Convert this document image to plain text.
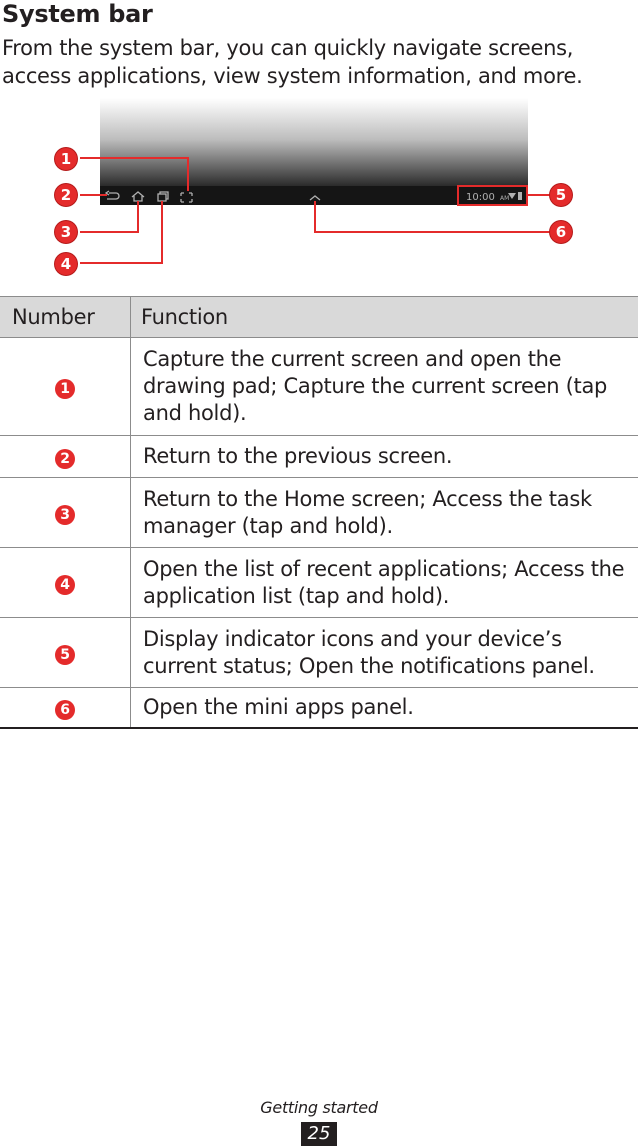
System bar
From the system bar, you can quickly navigate screens, access applications, view system information, and more.
10:00 AM
1
2
3
4
5
6
Number	Function
1	Capture the current screen and open the drawing pad; Capture the current screen (tap and hold).
2	Return to the previous screen.
3	Return to the Home screen; Access the task manager (tap and hold).
4	Open the list of recent applications; Access the application list (tap and hold).
5	Display indicator icons and your device’s current status; Open the notifications panel.
6	Open the mini apps panel.
Getting started
25
